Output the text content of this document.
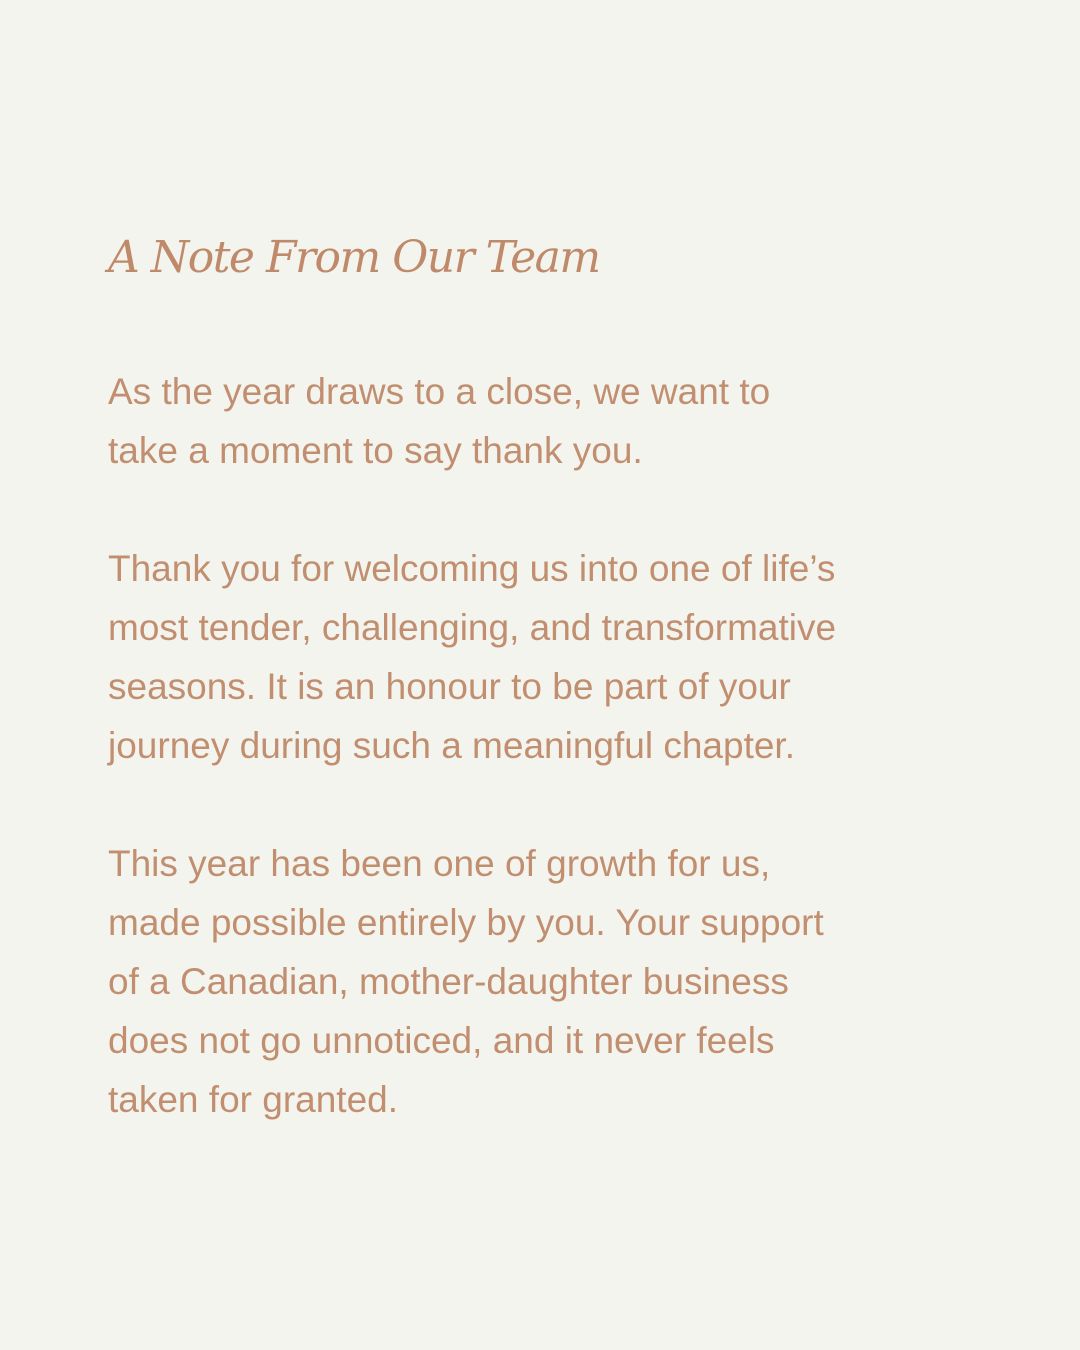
A Note From Our Team

As the year draws to a close, we want to
take a moment to say thank you.

Thank you for welcoming us into one of life’s
most tender, challenging, and transformative
seasons. It is an honour to be part of your
journey during such a meaningful chapter.

This year has been one of growth for us,
made possible entirely by you. Your support
of a Canadian, mother-daughter business
does not go unnoticed, and it never feels
taken for granted.
